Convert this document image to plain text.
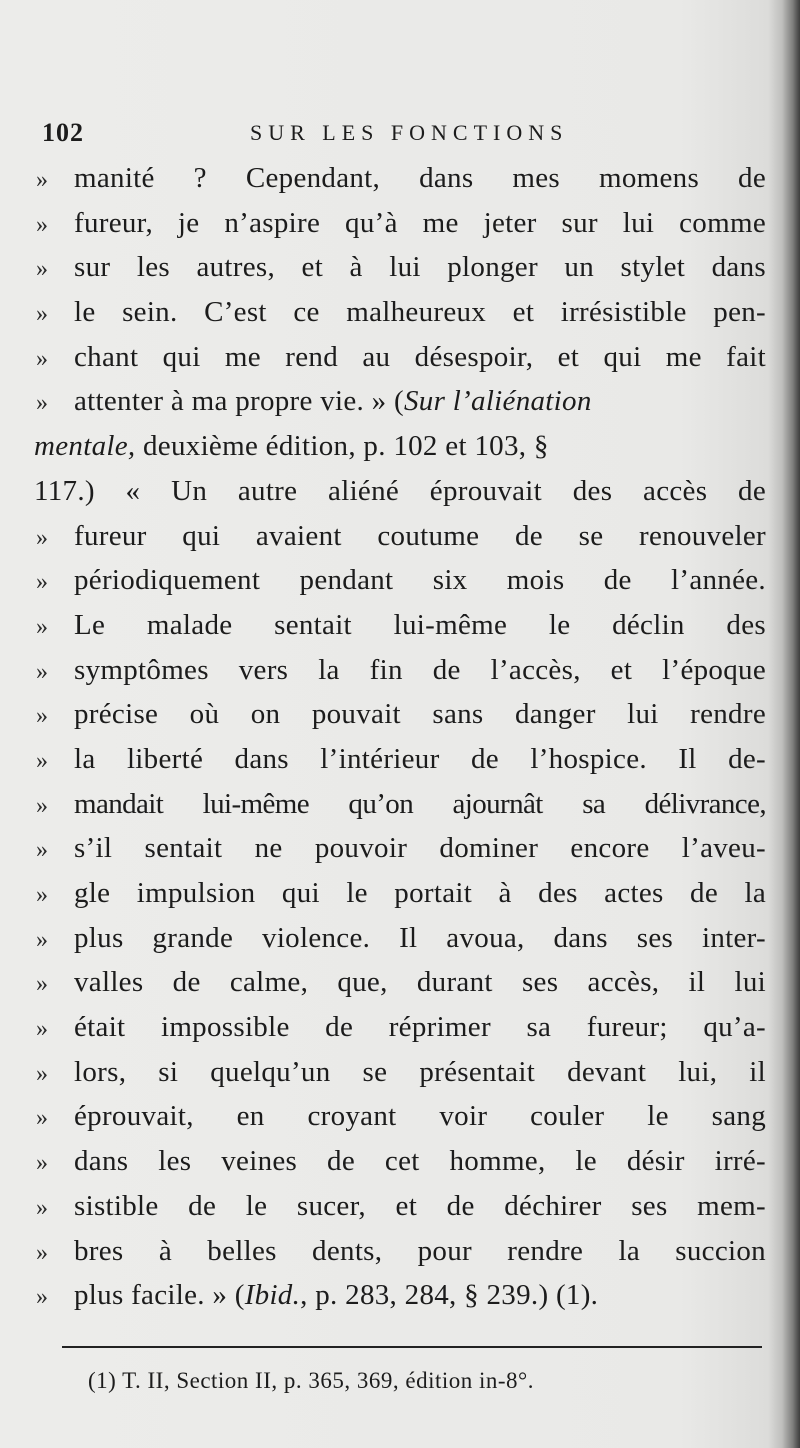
102	SUR LES FONCTIONS
» manité ? Cependant, dans mes momens de
» fureur, je n’aspire qu’à me jeter sur lui comme
» sur les autres, et à lui plonger un stylet dans
» le sein. C’est ce malheureux et irrésistible pen-
» chant qui me rend au désespoir, et qui me fait
» attenter à ma propre vie. » ( Sur l’aliénation
mentale, deuxième édition, p. 102 et 103, §
117.) « Un autre aliéné éprouvait des accès de
» fureur qui avaient coutume de se renouveler
» périodiquement pendant six mois de l’année.
» Le malade sentait lui-même le déclin des
» symptômes vers la fin de l’accès, et l’époque
» précise où on pouvait sans danger lui rendre
» la liberté dans l’intérieur de l’hospice. Il de-
» mandait lui-même qu’on ajournât sa délivrance,
» s’il sentait ne pouvoir dominer encore l’aveu-
» gle impulsion qui le portait à des actes de la
» plus grande violence. Il avoua, dans ses inter-
» valles de calme, que, durant ses accès, il lui
» était impossible de réprimer sa fureur; qu’a-
» lors, si quelqu’un se présentait devant lui, il
» éprouvait, en croyant voir couler le sang
» dans les veines de cet homme, le désir irré-
» sistible de le sucer, et de déchirer ses mem-
» bres à belles dents, pour rendre la succion
» plus facile. » ( Ibid. , p. 283, 284, § 239.) (1).
(1) T. II, Section II, p. 365, 369, édition in-8°.
